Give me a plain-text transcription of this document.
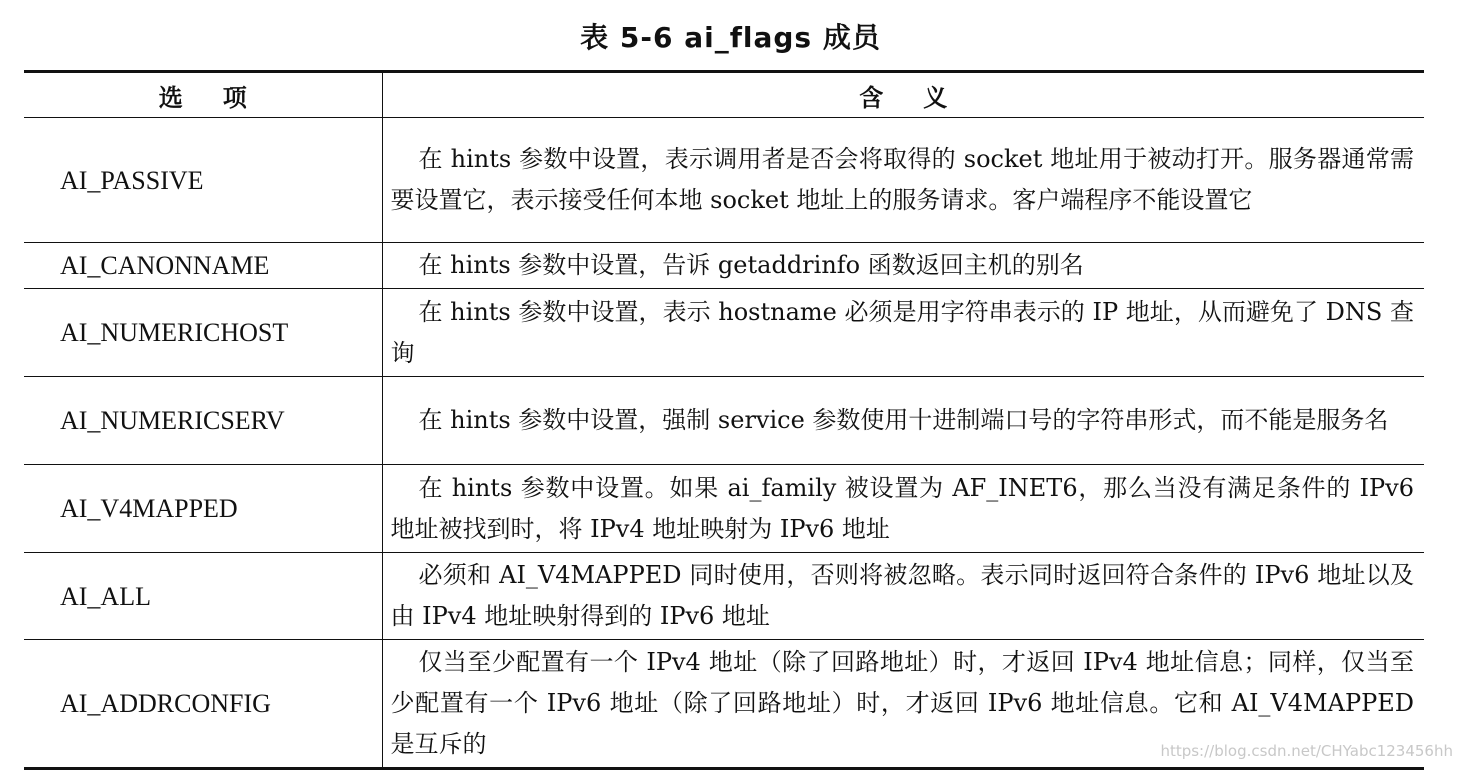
表 5-6 ai_flags 成员
选项	含义
AI_PASSIVE	在 hints 参数中设置，表示调用者是否会将取得的 socket 地址用于被动打开。服务器通常需要设置它，表示接受任何本地 socket 地址上的服务请求。客户端程序不能设置它
AI_CANONNAME	在 hints 参数中设置，告诉 getaddrinfo 函数返回主机的别名
AI_NUMERICHOST	在 hints 参数中设置，表示 hostname 必须是用字符串表示的 IP 地址，从而避免了 DNS 查询
AI_NUMERICSERV	在 hints 参数中设置，强制 service 参数使用十进制端口号的字符串形式，而不能是服务名
AI_V4MAPPED	在 hints 参数中设置。如果 ai_family 被设置为 AF_INET6，那么当没有满足条件的 IPv6 地址被找到时，将 IPv4 地址映射为 IPv6 地址
AI_ALL	必须和 AI_V4MAPPED 同时使用，否则将被忽略。表示同时返回符合条件的 IPv6 地址以及由 IPv4 地址映射得到的 IPv6 地址
AI_ADDRCONFIG	仅当至少配置有一个 IPv4 地址（除了回路地址）时，才返回 IPv4 地址信息；同样，仅当至少配置有一个 IPv6 地址（除了回路地址）时，才返回 IPv6 地址信息。它和 AI_V4MAPPED 是互斥的	https://blog.csdn.net/CHYabc123456hh
